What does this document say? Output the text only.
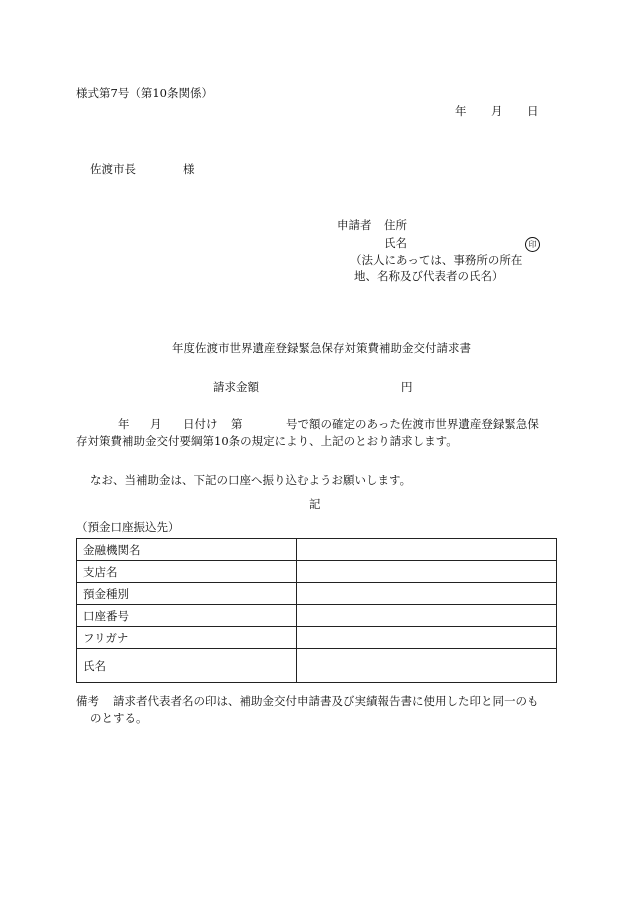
様式第7号（第10条関係）
年 月 日
佐渡市長	様
申請者 住所
氏名	印
（法人にあっては、事務所の所在
地、名称及び代表者の氏名）
年度佐渡市世界遺産登録緊急保存対策費補助金交付請求書
請求金額	円
年 月 日付け 第	号で額の確定のあった佐渡市世界遺産登録緊急保
存対策費補助金交付要綱第10条の規定により、上記のとおり請求します。
なお、当補助金は、下記の口座へ振り込むようお願いします。
記
（預金口座振込先）
金融機関名	
支店名	
預金種別	
口座番号	
フリガナ	
氏名	
備考 請求者代表者名の印は、補助金交付申請書及び実績報告書に使用した印と同一のも
のとする。
